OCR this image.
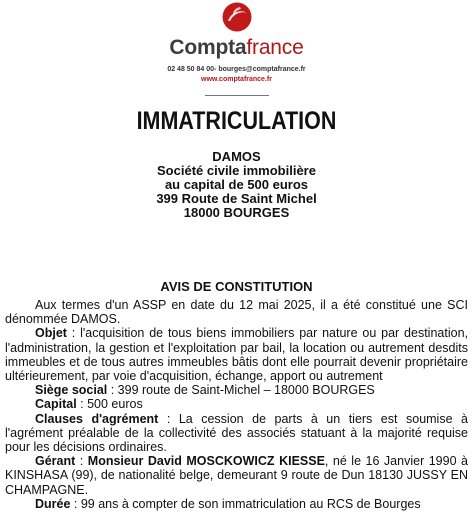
Comptafrance
02 48 50 84 00- bourges@comptafrance.fr
www.comptafrance.fr
IMMATRICULATION
DAMOS
Société civile immobilière
au capital de 500 euros
399 Route de Saint Michel
18000 BOURGES
AVIS DE CONSTITUTION

Aux termes d'un ASSP en date du 12 mai 2025, il a été constitué une SCI dénommée DAMOS.

Objet : l'acquisition de tous biens immobiliers par nature ou par destination, l'administration, la gestion et l'exploitation par bail, la location ou autrement desdits immeubles et de tous autres immeubles bâtis dont elle pourrait devenir propriétaire ultérieurement, par voie d'acquisition, échange, apport ou autrement

Siège social : 399 route de Saint-Michel – 18000 BOURGES

Capital : 500 euros

Clauses d'agrément : La cession de parts à un tiers est soumise à l'agrément préalable de la collectivité des associés statuant à la majorité requise pour les décisions ordinaires.

Gérant : Monsieur David MOSCKOWICZ KIESSE, né le 16 Janvier 1990 à KINSHASA (99), de nationalité belge, demeurant 9 route de Dun 18130 JUSSY EN CHAMPAGNE.

Durée : 99 ans à compter de son immatriculation au RCS de Bourges
